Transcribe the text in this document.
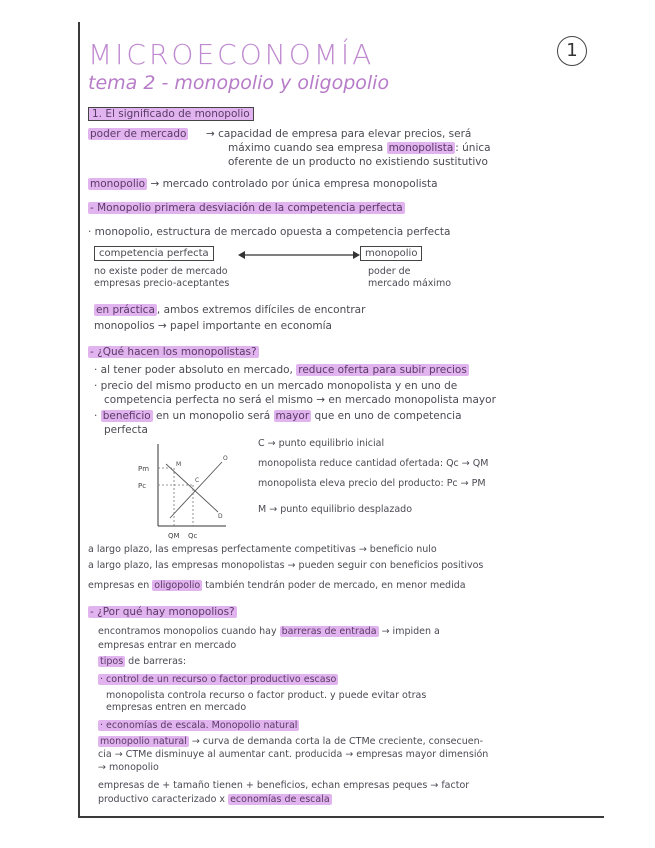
MICROECONOMÍA
tema 2 - monopolio y oligopolio
1
1. El significado de monopolio
poder de mercado → capacidad de empresa para elevar precios, será
máximo cuando sea empresa monopolista : única
oferente de un producto no existiendo sustitutivo
monopolio → mercado controlado por única empresa monopolista
- Monopolio primera desviación de la competencia perfecta
· monopolio, estructura de mercado opuesta a competencia perfecta
competencia perfecta	monopolio
no existe poder de mercado
empresas precio-aceptantes
poder de
mercado máximo
en práctica , ambos extremos difíciles de encontrar
monopolios → papel importante en economía
- ¿Qué hacen los monopolistas?
· al tener poder absoluto en mercado, reduce oferta para subir precios
· precio del mismo producto en un mercado monopolista y en uno de
competencia perfecta no será el mismo → en mercado monopolista mayor
· beneficio en un monopolio será mayor que en uno de competencia
perfecta
Pm
Pc
QM Qc
M
C
O
D
C → punto equilibrio inicial
monopolista reduce cantidad ofertada: Qc → QM
monopolista eleva precio del producto: Pc → PM
M → punto equilibrio desplazado
a largo plazo, las empresas perfectamente competitivas → beneficio nulo
a largo plazo, las empresas monopolistas → pueden seguir con beneficios positivos
empresas en oligopolio también tendrán poder de mercado, en menor medida
- ¿Por qué hay monopolios?
encontramos monopolios cuando hay barreras de entrada → impiden a
empresas entrar en mercado
tipos de barreras:
· control de un recurso o factor productivo escaso
monopolista controla recurso o factor product. y puede evitar otras
empresas entren en mercado
· economías de escala. Monopolio natural
monopolio natural → curva de demanda corta la de CTMe creciente, consecuen-
cia → CTMe disminuye al aumentar cant. producida → empresas mayor dimensión
→ monopolio
empresas de + tamaño tienen + beneficios, echan empresas peques → factor
productivo caracterizado x economías de escala
